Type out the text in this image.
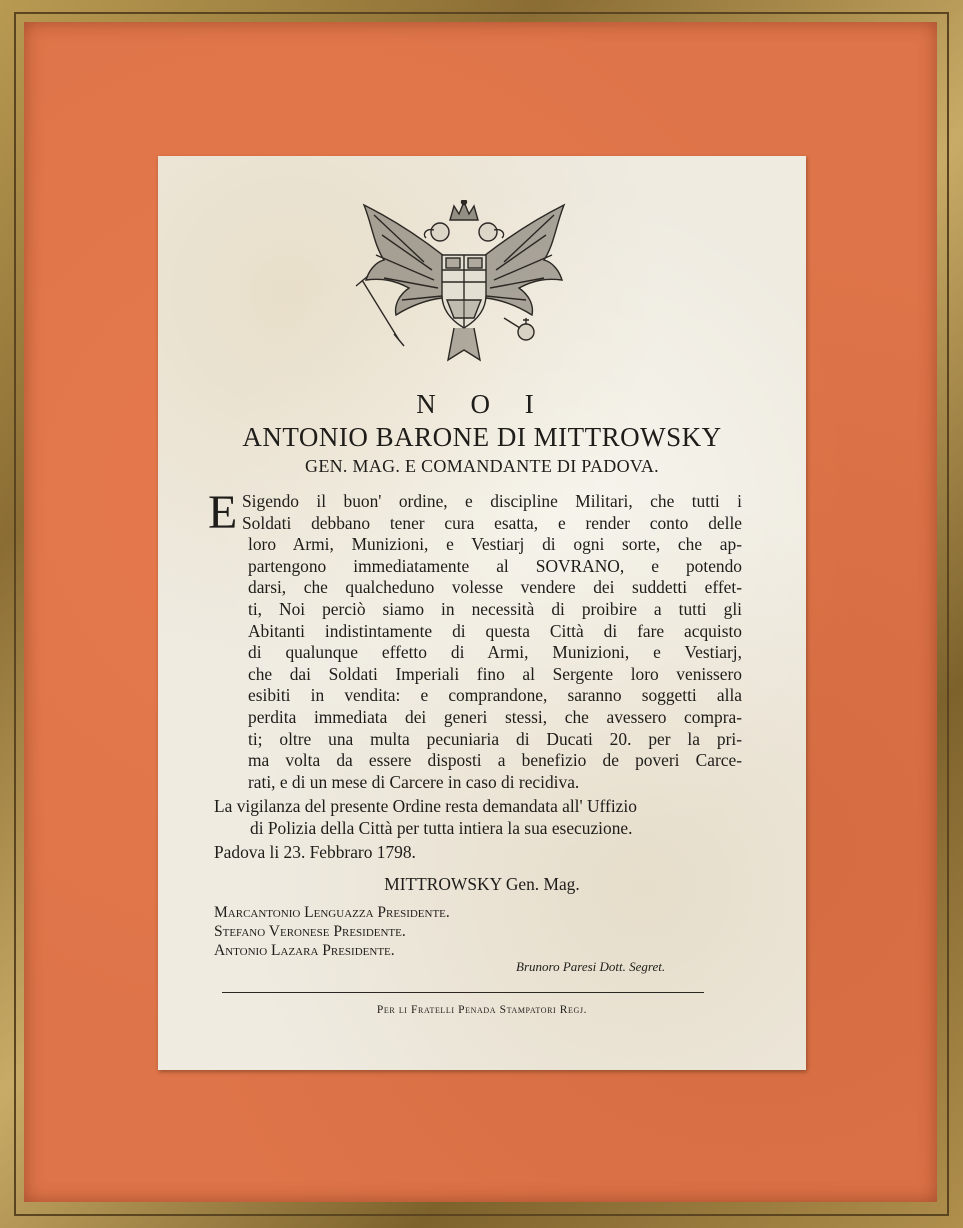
N O I
ANTONIO BARONE DI MITTROWSKY
GEN. MAG. E COMANDANTE DI PADOVA.
E Sigendo il buon' ordine, e discipline Militari, che tutti i
Soldati debbano tener cura esatta, e render conto delle
loro Armi, Munizioni, e Vestiarj di ogni sorte, che ap-
partengono immediatamente al SOVRANO, e potendo
darsi, che qualcheduno volesse vendere dei suddetti effet-
ti, Noi perciò siamo in necessità di proibire a tutti gli
Abitanti indistintamente di questa Città di fare acquisto
di qualunque effetto di Armi, Munizioni, e Vestiarj,
che dai Soldati Imperiali fino al Sergente loro venissero
esibiti in vendita: e comprandone, saranno soggetti alla
perdita immediata dei generi stessi, che avessero compra-
ti; oltre una multa pecuniaria di Ducati 20. per la pri-
ma volta da essere disposti a benefizio de poveri Carce-
rati, e di un mese di Carcere in caso di recidiva.
La vigilanza del presente Ordine resta demandata all' Uffizio
di Polizia della Città per tutta intiera la sua esecuzione.
Padova li 23. Febbraro 1798.
MITTROWSKY Gen. Mag.
Marcantonio Lenguazza Presidente.
Stefano Veronese Presidente.
Antonio Lazara Presidente.
Brunoro Paresi Dott. Segret.
Per li Fratelli Penada Stampatori Regj.
